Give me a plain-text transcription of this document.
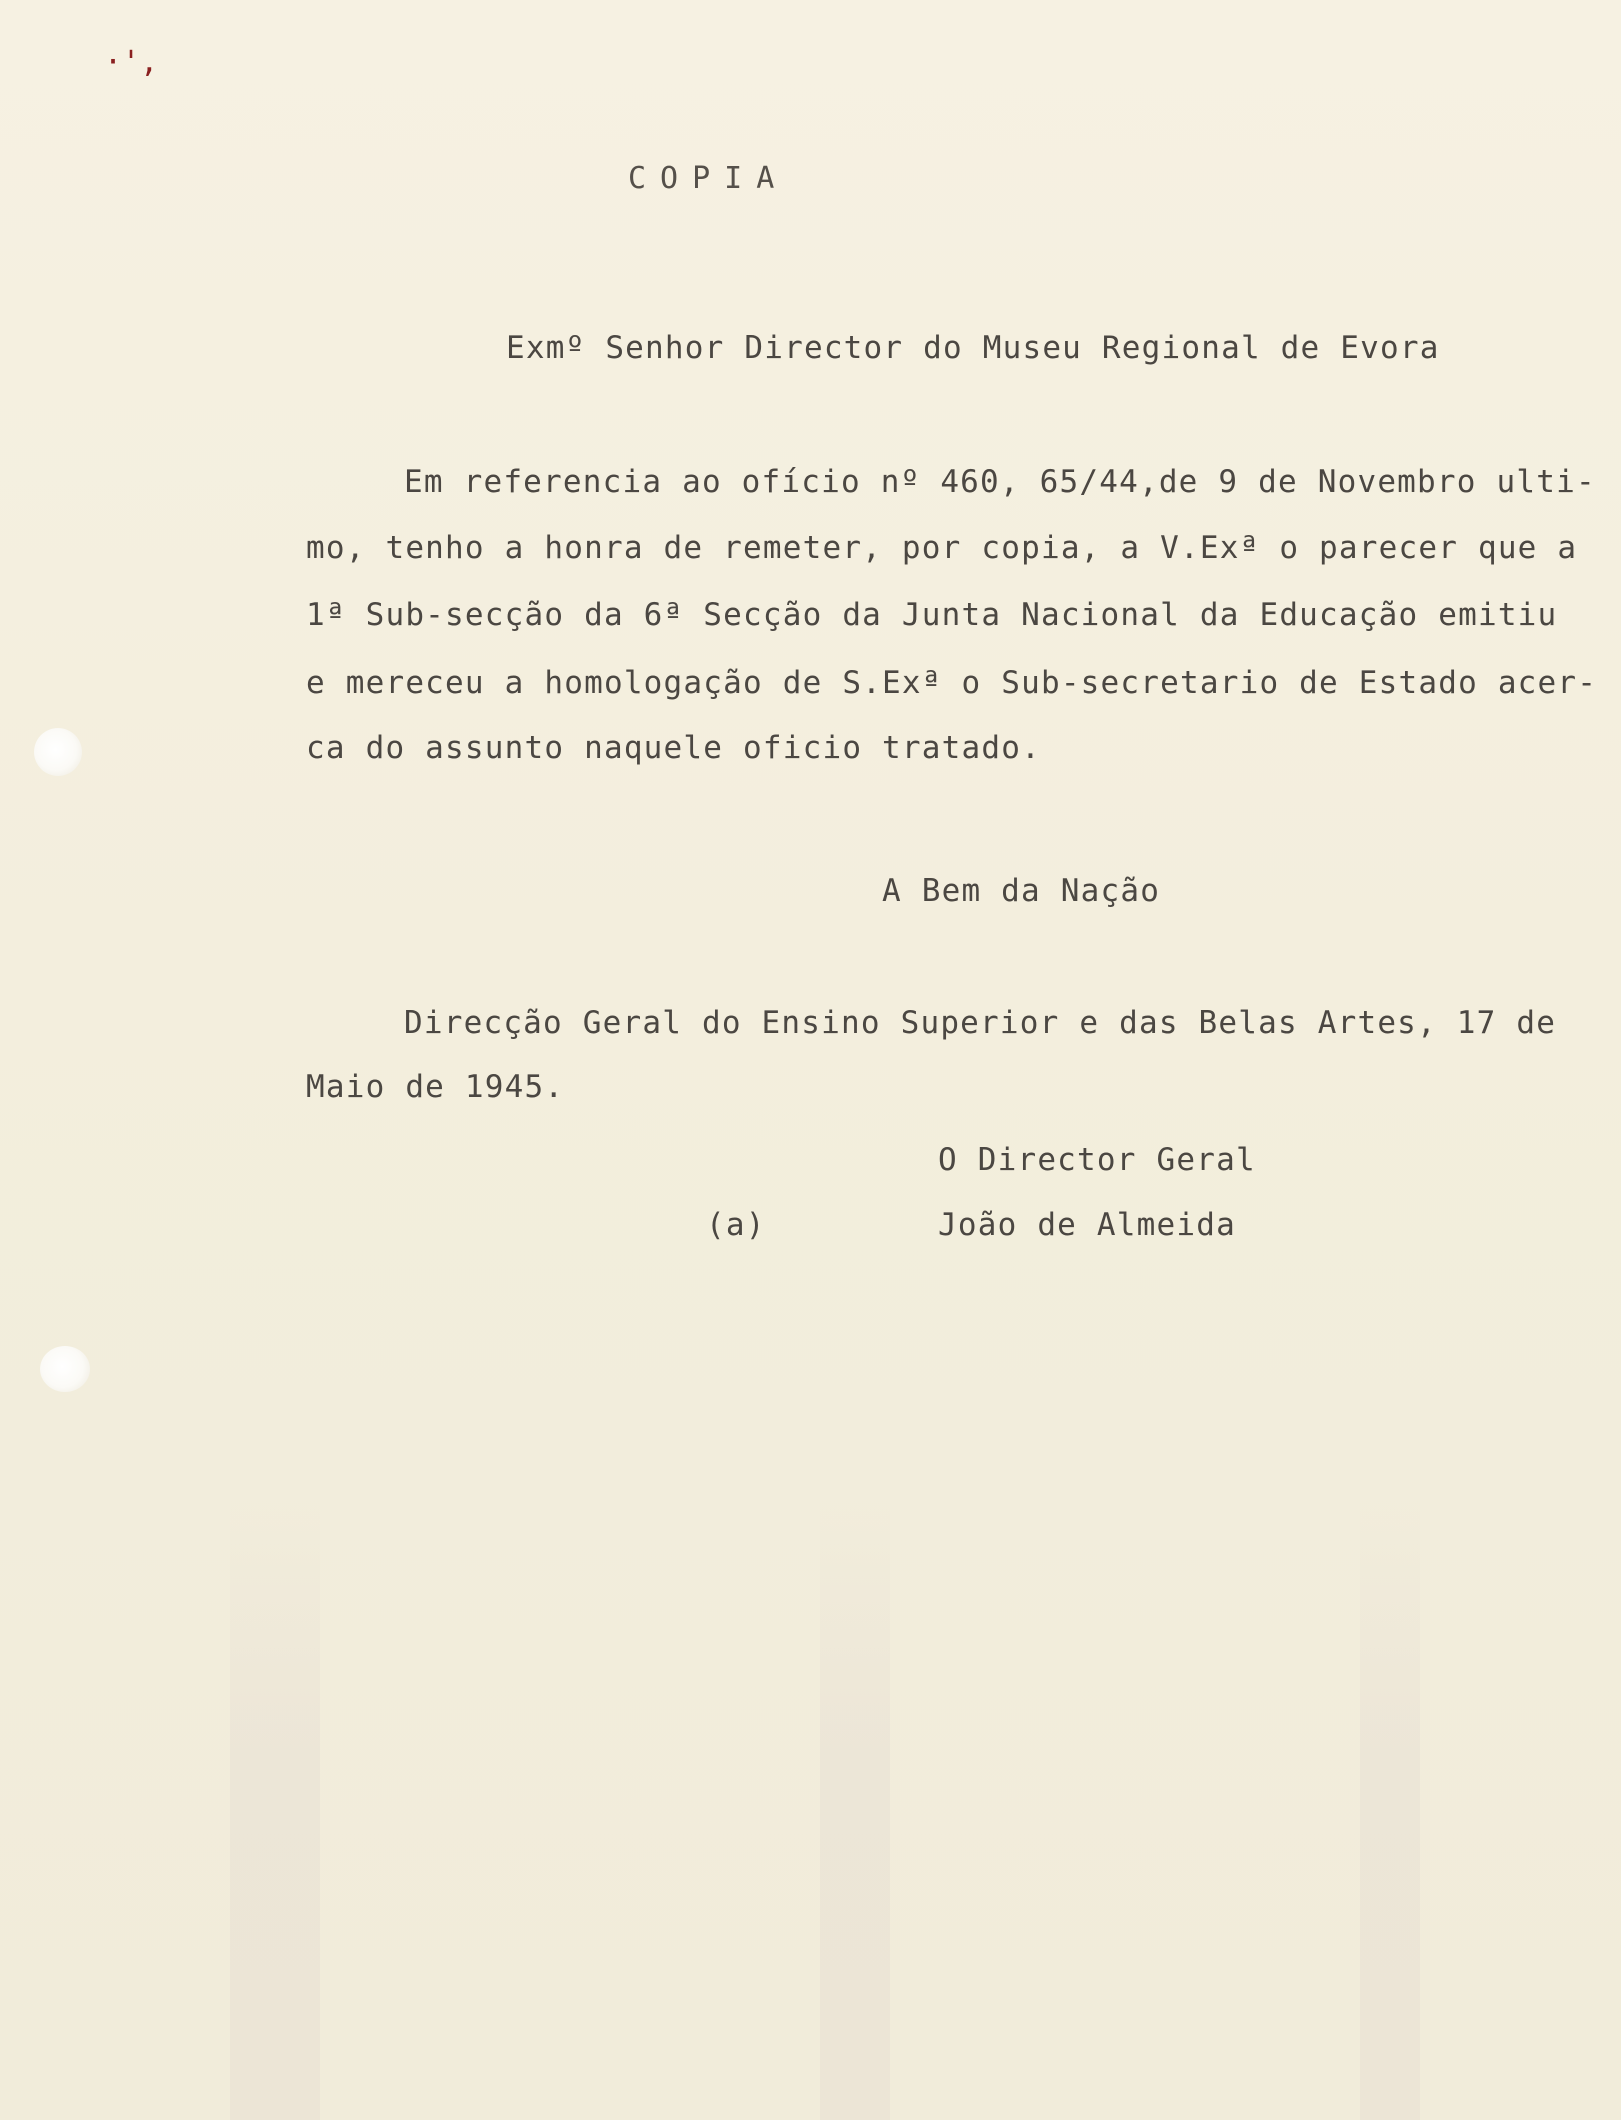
·',
COPIA
Exmº Senhor Director do Museu Regional de Evora
Em referencia ao ofício nº 460, 65/44,de 9 de Novembro ulti-
mo, tenho a honra de remeter, por copia, a V.Exª o parecer que a
1ª Sub-secção da 6ª Secção da Junta Nacional da Educação emitiu
e mereceu a homologação de S.Exª o Sub-secretario de Estado acer-
ca do assunto naquele oficio tratado.
A Bem da Nação
Direcção Geral do Ensino Superior e das Belas Artes, 17 de
Maio de 1945.
O Director Geral
(a)	João de Almeida
